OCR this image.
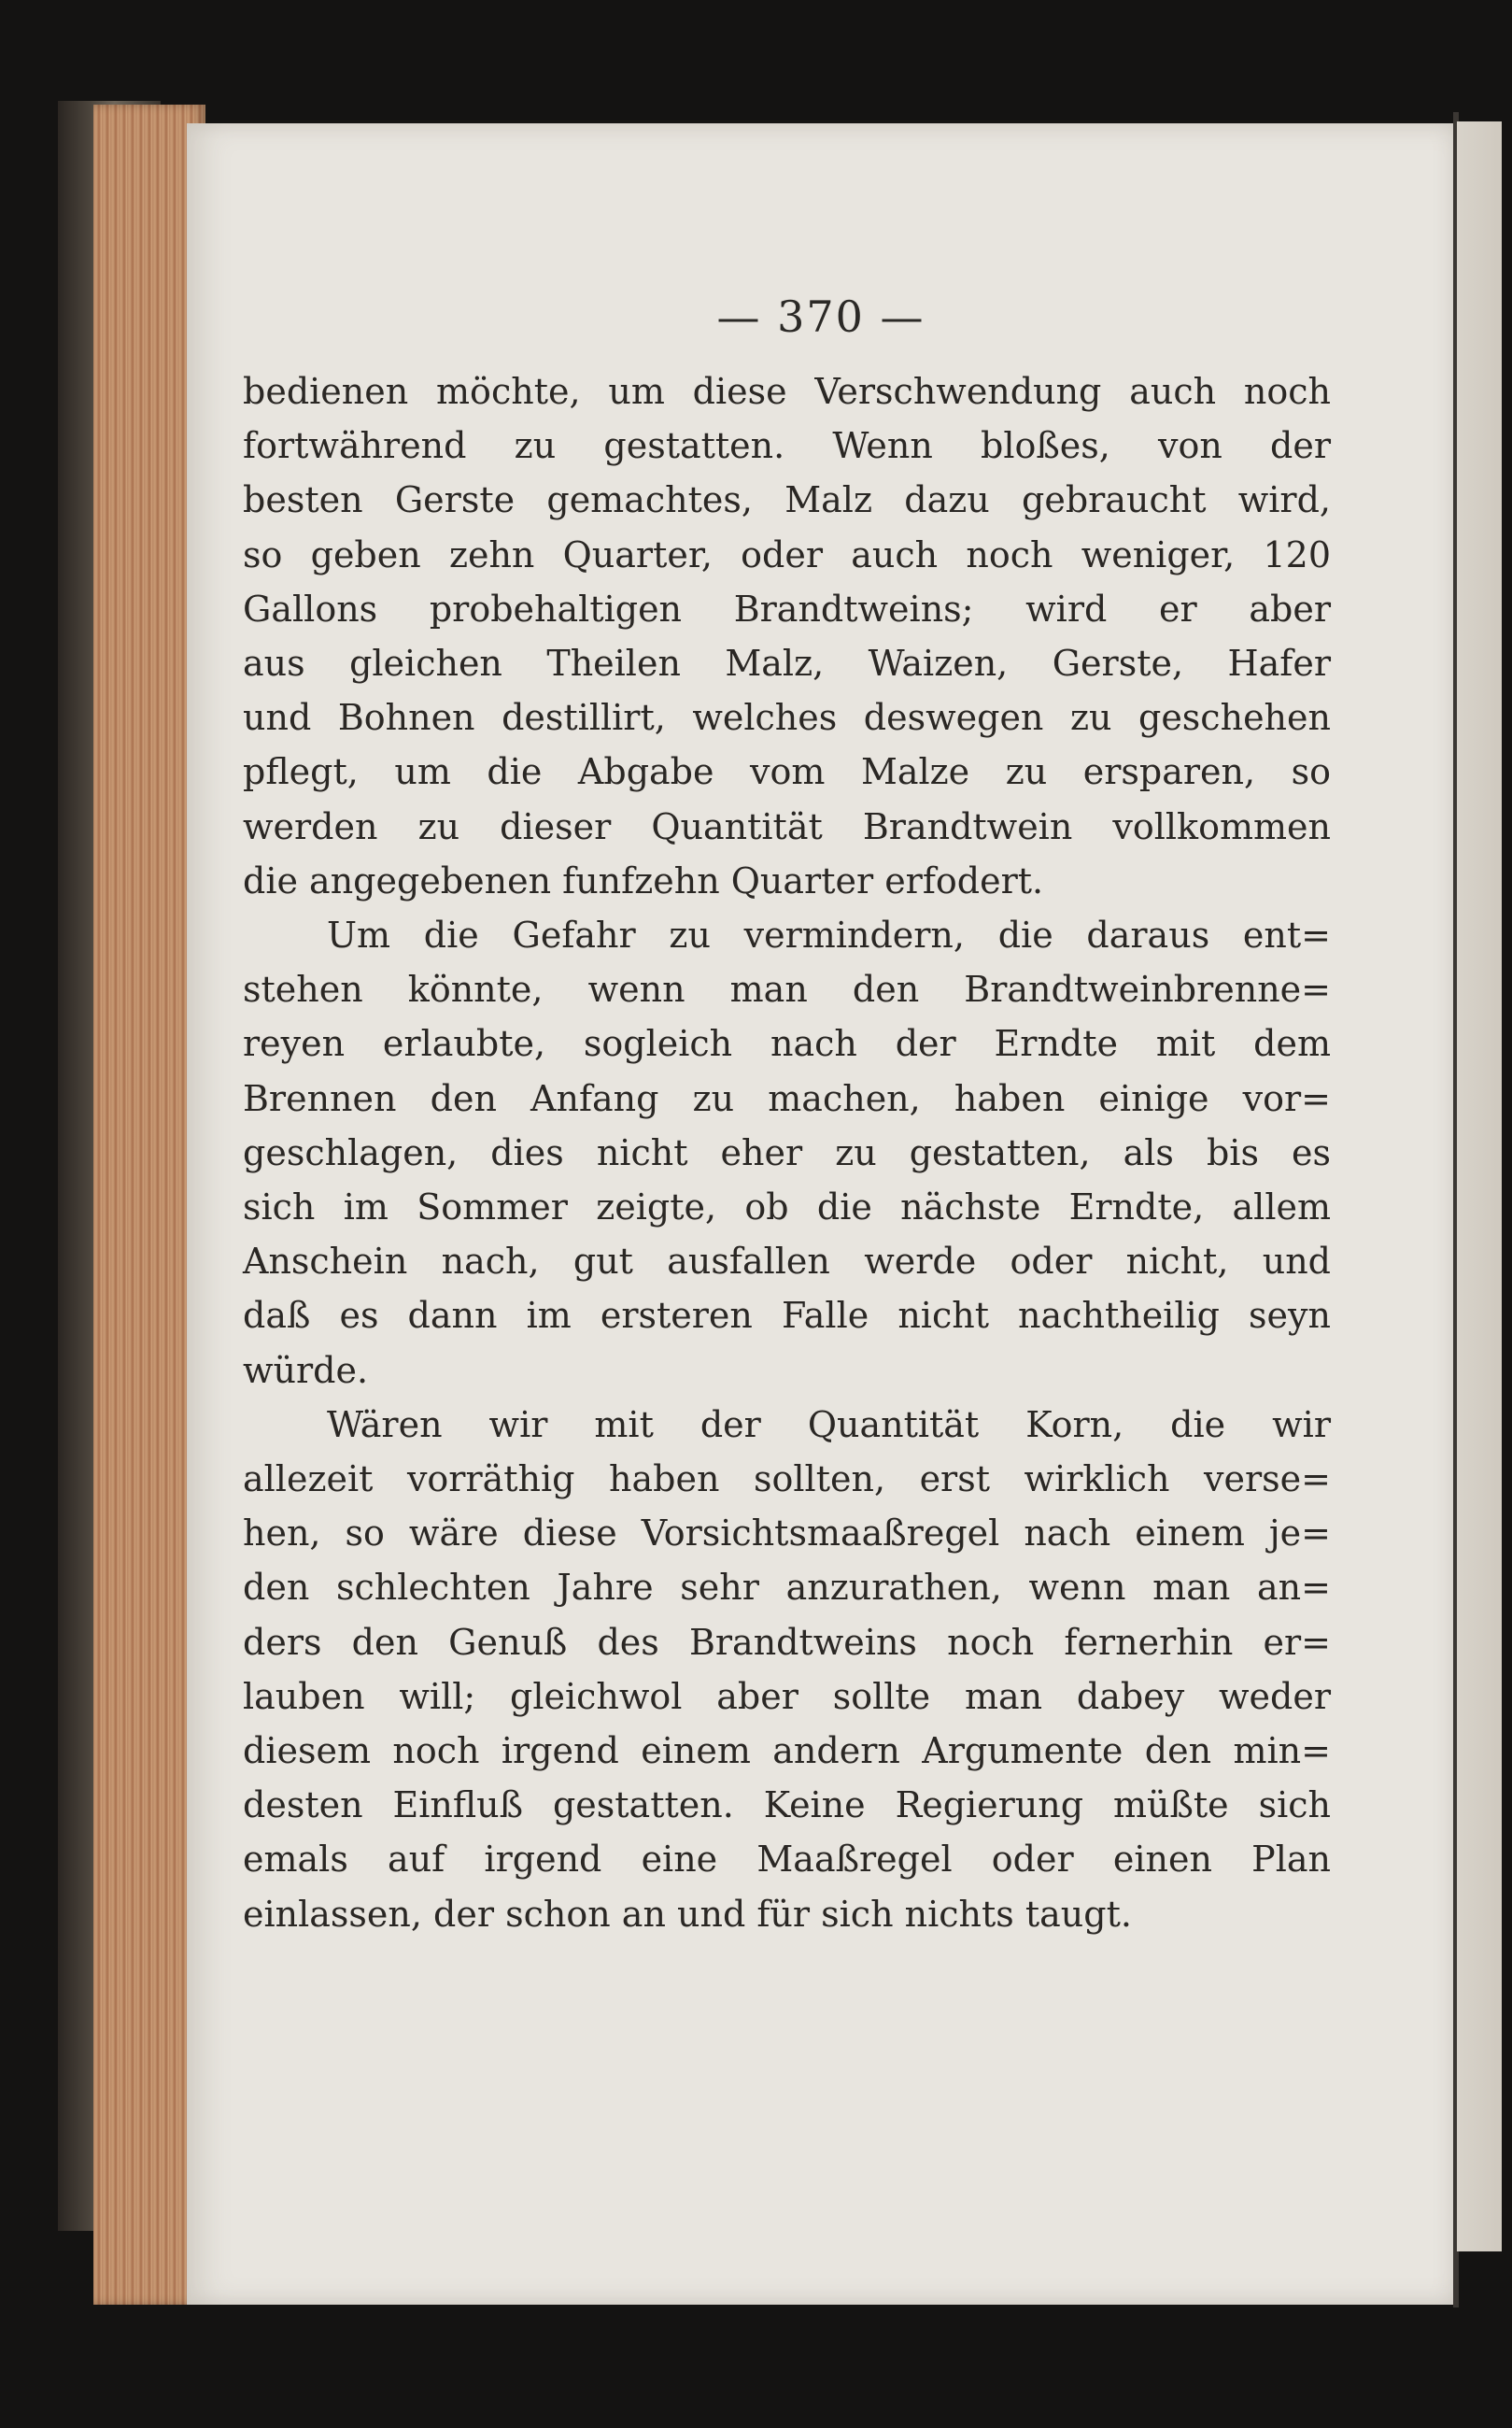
— 370 —
bedienen möchte, um diese Verschwendung auch noch
fortwährend zu gestatten. Wenn bloßes, von der
besten Gerste gemachtes, Malz dazu gebraucht wird,
so geben zehn Quarter, oder auch noch weniger, 120
Gallons probehaltigen Brandtweins; wird er aber
aus gleichen Theilen Malz, Waizen, Gerste, Hafer
und Bohnen destillirt, welches deswegen zu geschehen
pflegt, um die Abgabe vom Malze zu ersparen, so
werden zu dieser Quantität Brandtwein vollkommen
die angegebenen funfzehn Quarter erfodert.
Um die Gefahr zu vermindern, die daraus ent=
stehen könnte, wenn man den Brandtweinbrenne=
reyen erlaubte, sogleich nach der Erndte mit dem
Brennen den Anfang zu machen, haben einige vor=
geschlagen, dies nicht eher zu gestatten, als bis es
sich im Sommer zeigte, ob die nächste Erndte, allem
Anschein nach, gut ausfallen werde oder nicht, und
daß es dann im ersteren Falle nicht nachtheilig seyn
würde.
Wären wir mit der Quantität Korn, die wir
allezeit vorräthig haben sollten, erst wirklich verse=
hen, so wäre diese Vorsichtsmaaßregel nach einem je=
den schlechten Jahre sehr anzurathen, wenn man an=
ders den Genuß des Brandtweins noch fernerhin er=
lauben will; gleichwol aber sollte man dabey weder
diesem noch irgend einem andern Argumente den min=
desten Einfluß gestatten. Keine Regierung müßte sich
emals auf irgend eine Maaßregel oder einen Plan
einlassen, der schon an und für sich nichts taugt.
